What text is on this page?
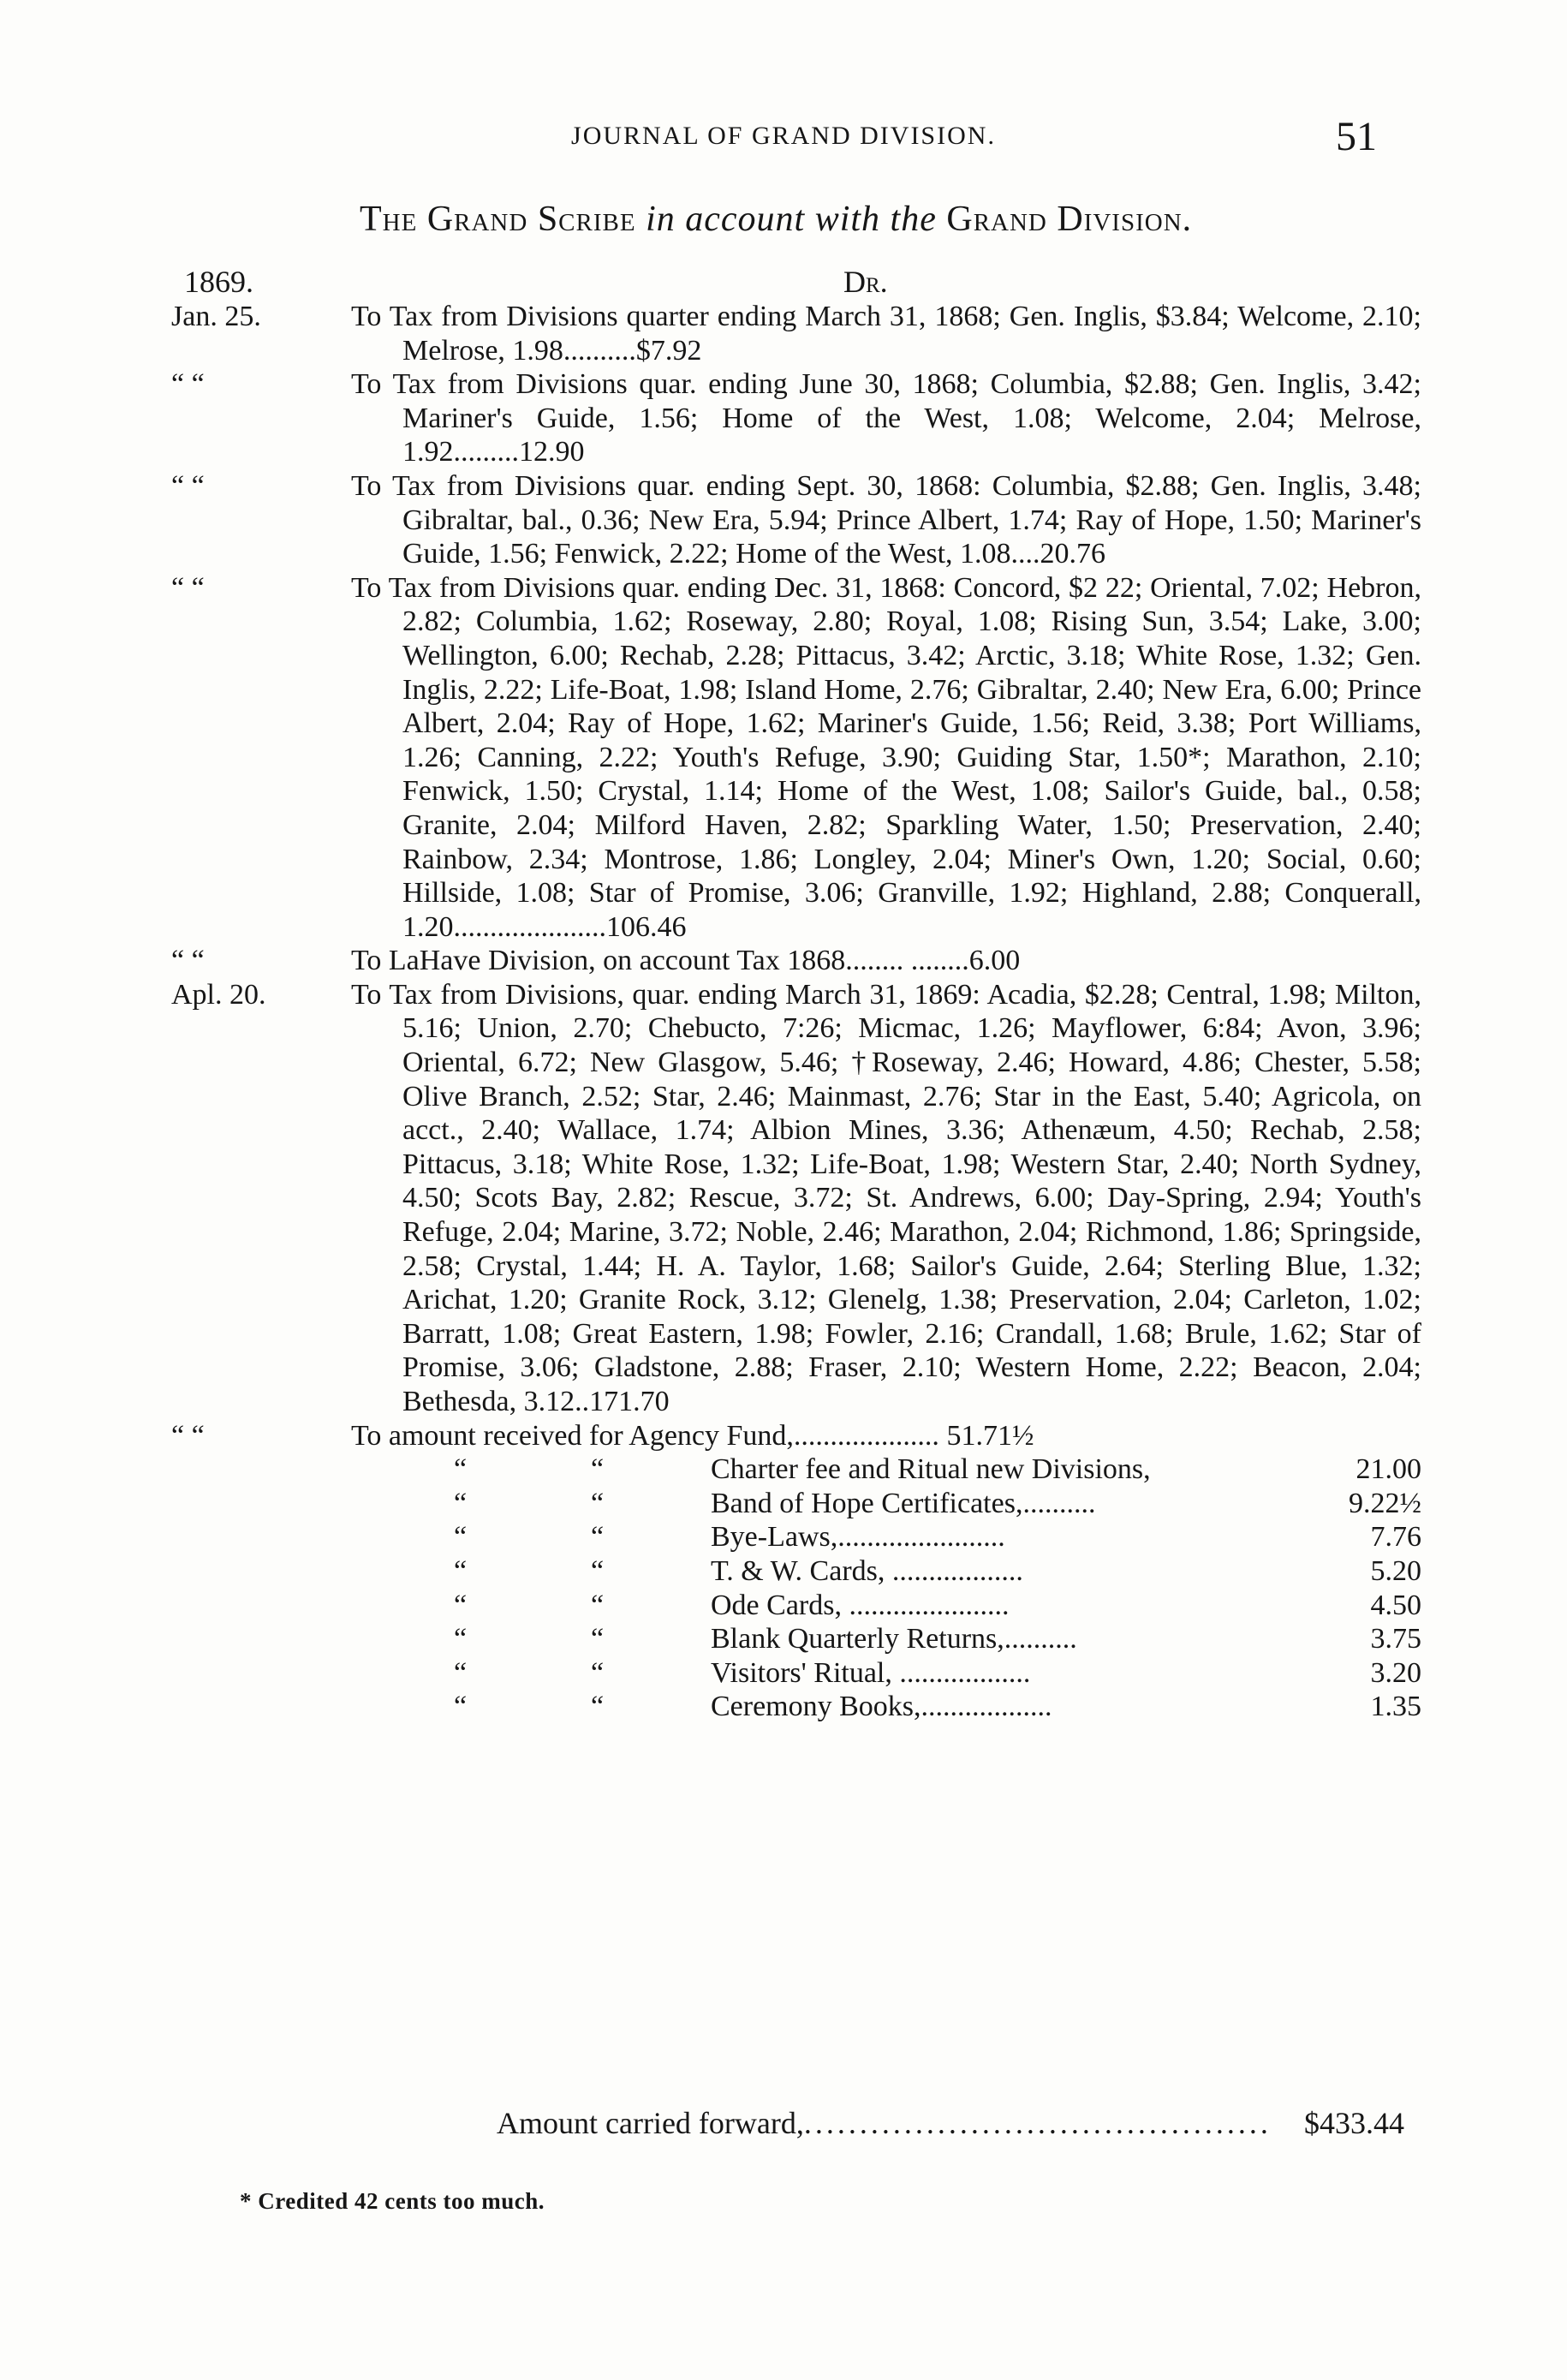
JOURNAL OF GRAND DIVISION.	51
The Grand Scribe in account with the Grand Division.
1869.	Dr.
Jan. 25.	To Tax from Divisions quarter ending March 31, 1868; Gen. Inglis, $3.84; Welcome, 2.10; Melrose, 1.98..........$7.92
“ “	To Tax from Divisions quar. ending June 30, 1868; Columbia, $2.88; Gen. Inglis, 3.42; Mariner's Guide, 1.56; Home of the West, 1.08; Welcome, 2.04; Melrose, 1.92.........12.90
“ “	To Tax from Divisions quar. ending Sept. 30, 1868: Columbia, $2.88; Gen. Inglis, 3.48; Gibraltar, bal., 0.36; New Era, 5.94; Prince Albert, 1.74; Ray of Hope, 1.50; Mariner's Guide, 1.56; Fenwick, 2.22; Home of the West, 1.08....20.76
“ “	To Tax from Divisions quar. ending Dec. 31, 1868: Concord, $2 22; Oriental, 7.02; Hebron, 2.82; Columbia, 1.62; Roseway, 2.80; Royal, 1.08; Rising Sun, 3.54; Lake, 3.00; Wellington, 6.00; Rechab, 2.28; Pittacus, 3.42; Arctic, 3.18; White Rose, 1.32; Gen. Inglis, 2.22; Life-Boat, 1.98; Island Home, 2.76; Gibraltar, 2.40; New Era, 6.00; Prince Albert, 2.04; Ray of Hope, 1.62; Mariner's Guide, 1.56; Reid, 3.38; Port Williams, 1.26; Canning, 2.22; Youth's Refuge, 3.90; Guiding Star, 1.50*; Marathon, 2.10; Fenwick, 1.50; Crystal, 1.14; Home of the West, 1.08; Sailor's Guide, bal., 0.58; Granite, 2.04; Milford Haven, 2.82; Sparkling Water, 1.50; Preservation, 2.40; Rainbow, 2.34; Montrose, 1.86; Longley, 2.04; Miner's Own, 1.20; Social, 0.60; Hillside, 1.08; Star of Promise, 3.06; Granville, 1.92; Highland, 2.88; Conquerall, 1.20.....................106.46
“ “	To LaHave Division, on account Tax 1868........ ........6.00
Apl. 20.	To Tax from Divisions, quar. ending March 31, 1869: Acadia, $2.28; Central, 1.98; Milton, 5.16; Union, 2.70; Chebucto, 7:26; Micmac, 1.26; Mayflower, 6:84; Avon, 3.96; Oriental, 6.72; New Glasgow, 5.46; †Roseway, 2.46; Howard, 4.86; Chester, 5.58; Olive Branch, 2.52; Star, 2.46; Mainmast, 2.76; Star in the East, 5.40; Agricola, on acct., 2.40; Wallace, 1.74; Albion Mines, 3.36; Athenæum, 4.50; Rechab, 2.58; Pittacus, 3.18; White Rose, 1.32; Life-Boat, 1.98; Western Star, 2.40; North Sydney, 4.50; Scots Bay, 2.82; Rescue, 3.72; St. Andrews, 6.00; Day-Spring, 2.94; Youth's Refuge, 2.04; Marine, 3.72; Noble, 2.46; Marathon, 2.04; Richmond, 1.86; Springside, 2.58; Crystal, 1.44; H. A. Taylor, 1.68; Sailor's Guide, 2.64; Sterling Blue, 1.32; Arichat, 1.20; Granite Rock, 3.12; Glenelg, 1.38; Preservation, 2.04; Carleton, 1.02; Barratt, 1.08; Great Eastern, 1.98; Fowler, 2.16; Crandall, 1.68; Brule, 1.62; Star of Promise, 3.06; Gladstone, 2.88; Fraser, 2.10; Western Home, 2.22; Beacon, 2.04; Bethesda, 3.12..171.70
“ “	To amount received for Agency Fund,.................... 51.71½
“	“	Charter fee and Ritual new Divisions,	21.00
“	“	Band of Hope Certificates,..........	9.22½
“	“	Bye-Laws,.......................	7.76
“	“	T. & W. Cards, ..................	5.20
“	“	Ode Cards, ......................	4.50
“	“	Blank Quarterly Returns,..........	3.75
“	“	Visitors' Ritual, ..................	3.20
“	“	Ceremony Books,..................	1.35
Amount carried forward, ..........................................	$433.44
* Credited 42 cents too much.
